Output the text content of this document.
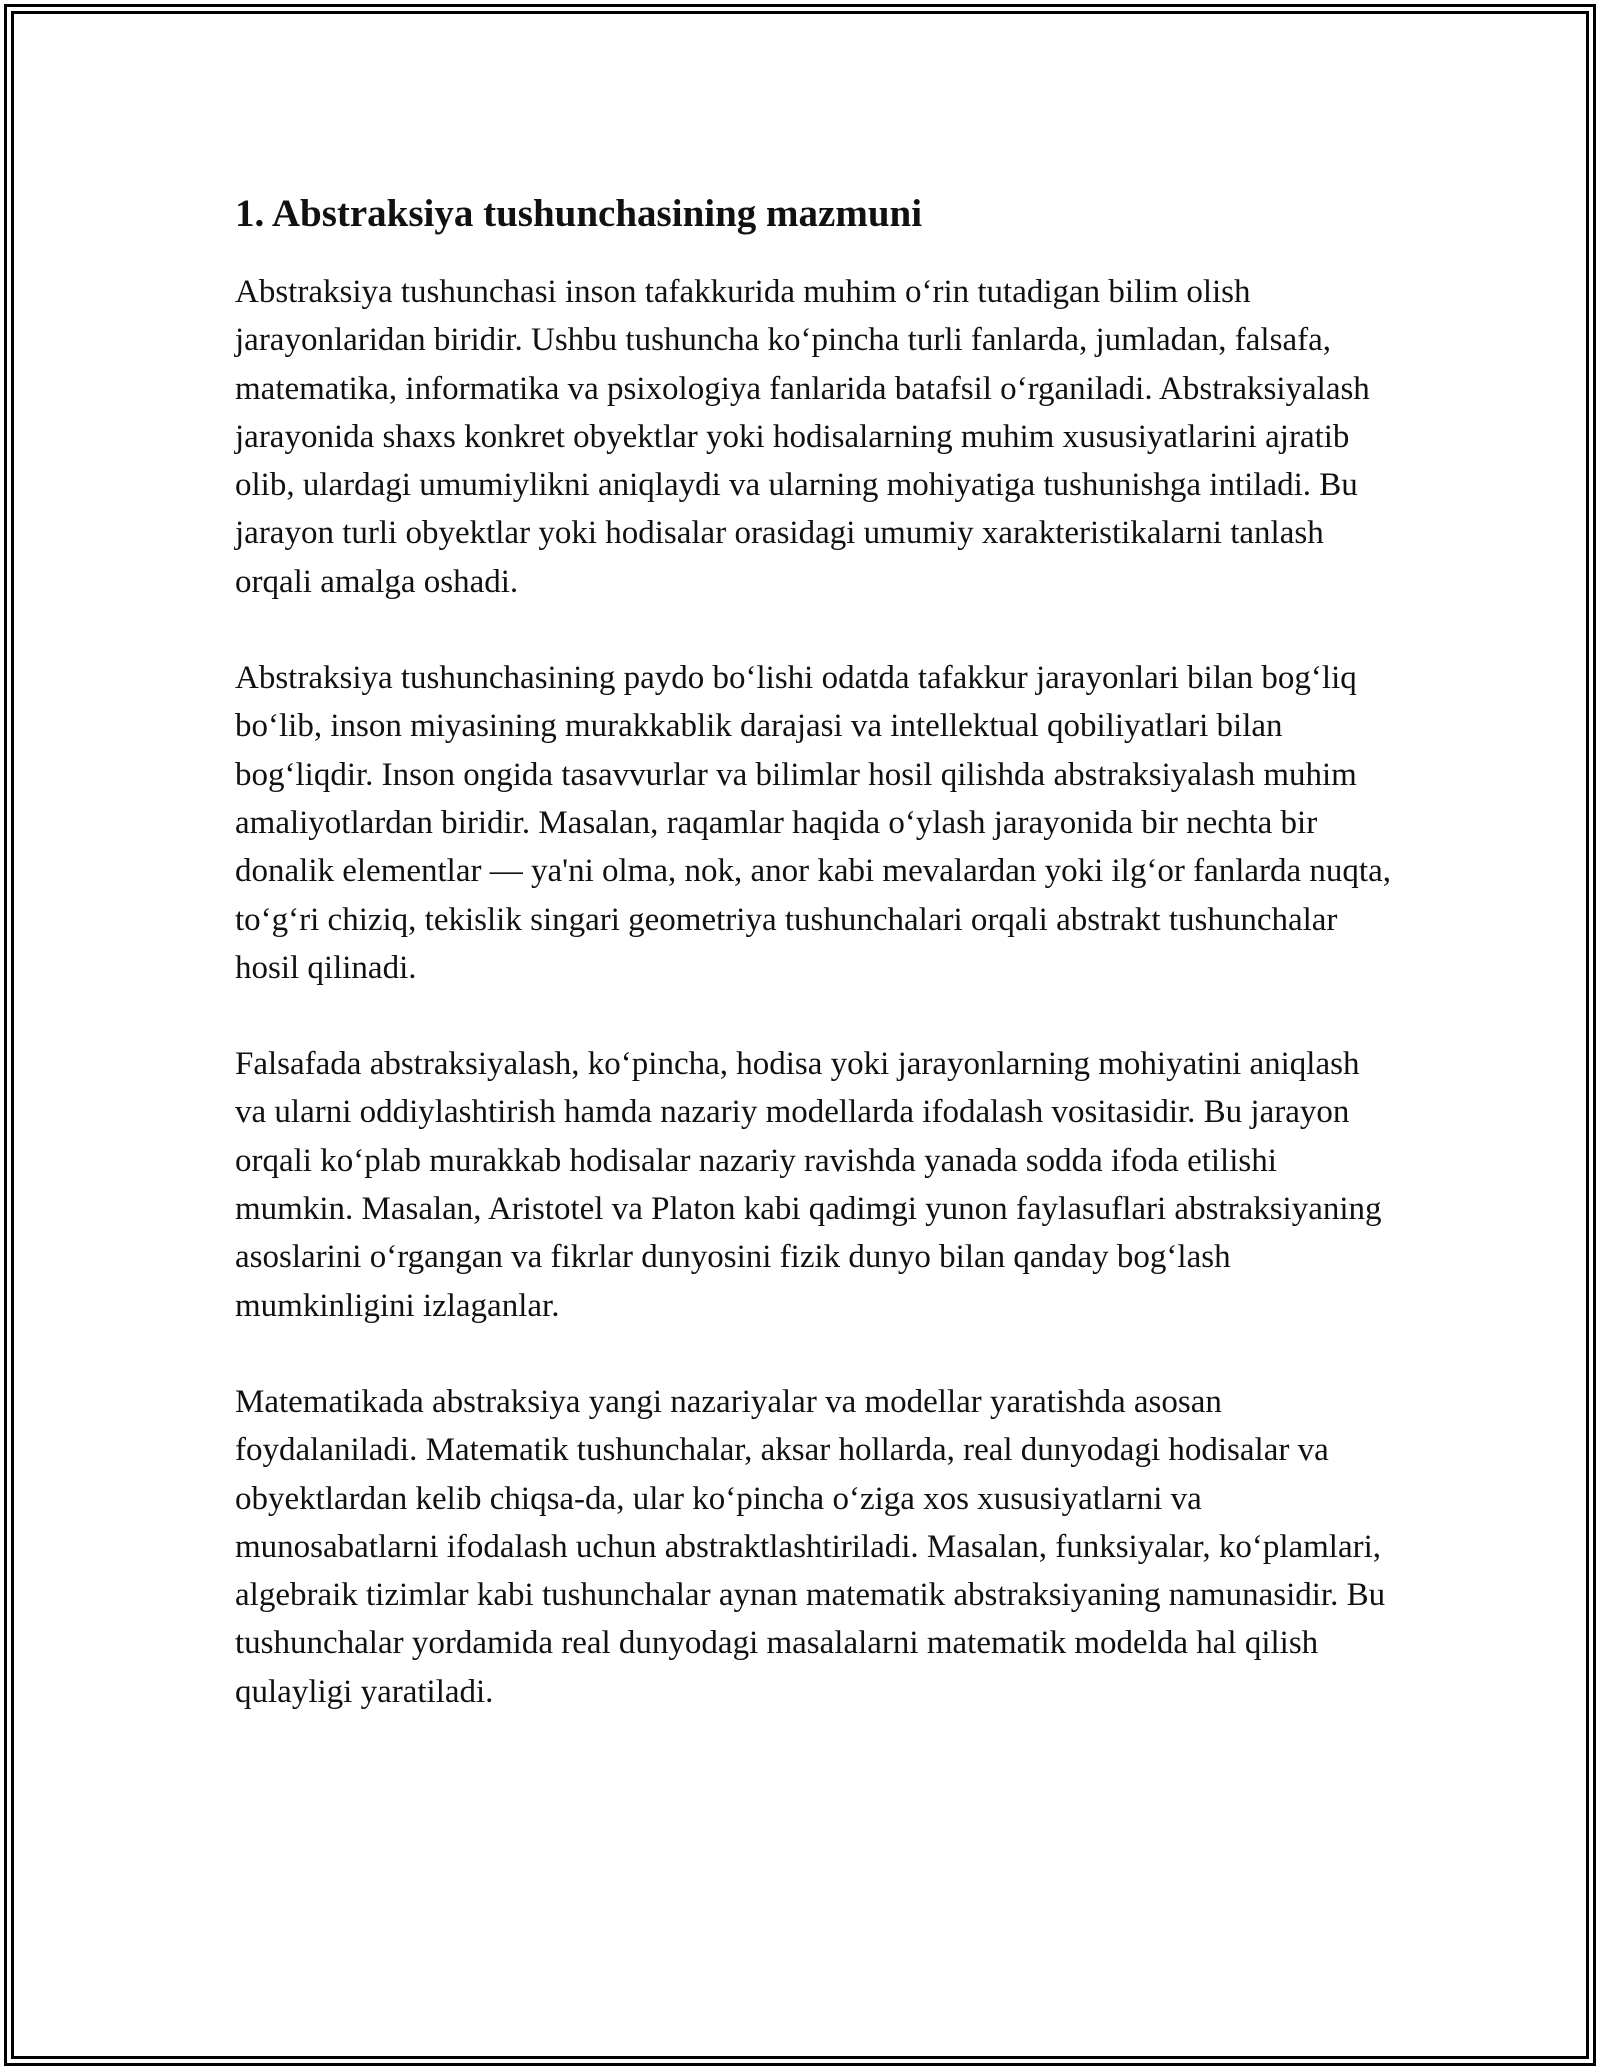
1. Abstraksiya tushunchasining mazmuni

Abstraksiya tushunchasi inson tafakkurida muhim o‘rin tutadigan bilim olish jarayonlaridan biridir. Ushbu tushuncha ko‘pincha turli fanlarda, jumladan, falsafa, matematika, informatika va psixologiya fanlarida batafsil o‘rganiladi. Abstraksiyalash jarayonida shaxs konkret obyektlar yoki hodisalarning muhim xususiyatlarini ajratib olib, ulardagi umumiylikni aniqlaydi va ularning mohiyatiga tushunishga intiladi. Bu jarayon turli obyektlar yoki hodisalar orasidagi umumiy xarakteristikalarni tanlash orqali amalga oshadi.

Abstraksiya tushunchasining paydo bo‘lishi odatda tafakkur jarayonlari bilan bog‘liq bo‘lib, inson miyasining murakkablik darajasi va intellektual qobiliyatlari bilan bog‘liqdir. Inson ongida tasavvurlar va bilimlar hosil qilishda abstraksiyalash muhim amaliyotlardan biridir. Masalan, raqamlar haqida o‘ylash jarayonida bir nechta bir donalik elementlar — ya'ni olma, nok, anor kabi mevalardan yoki ilg‘or fanlarda nuqta, to‘g‘ri chiziq, tekislik singari geometriya tushunchalari orqali abstrakt tushunchalar hosil qilinadi.

Falsafada abstraksiyalash, ko‘pincha, hodisa yoki jarayonlarning mohiyatini aniqlash va ularni oddiylashtirish hamda nazariy modellarda ifodalash vositasidir. Bu jarayon orqali ko‘plab murakkab hodisalar nazariy ravishda yanada sodda ifoda etilishi mumkin. Masalan, Aristotel va Platon kabi qadimgi yunon faylasuflari abstraksiyaning asoslarini o‘rgangan va fikrlar dunyosini fizik dunyo bilan qanday bog‘lash mumkinligini izlaganlar.

Matematikada abstraksiya yangi nazariyalar va modellar yaratishda asosan foydalaniladi. Matematik tushunchalar, aksar hollarda, real dunyodagi hodisalar va obyektlardan kelib chiqsa-da, ular ko‘pincha o‘ziga xos xususiyatlarni va munosabatlarni ifodalash uchun abstraktlashtiriladi. Masalan, funksiyalar, ko‘plamlari, algebraik tizimlar kabi tushunchalar aynan matematik abstraksiyaning namunasidir. Bu tushunchalar yordamida real dunyodagi masalalarni matematik modelda hal qilish qulayligi yaratiladi.
